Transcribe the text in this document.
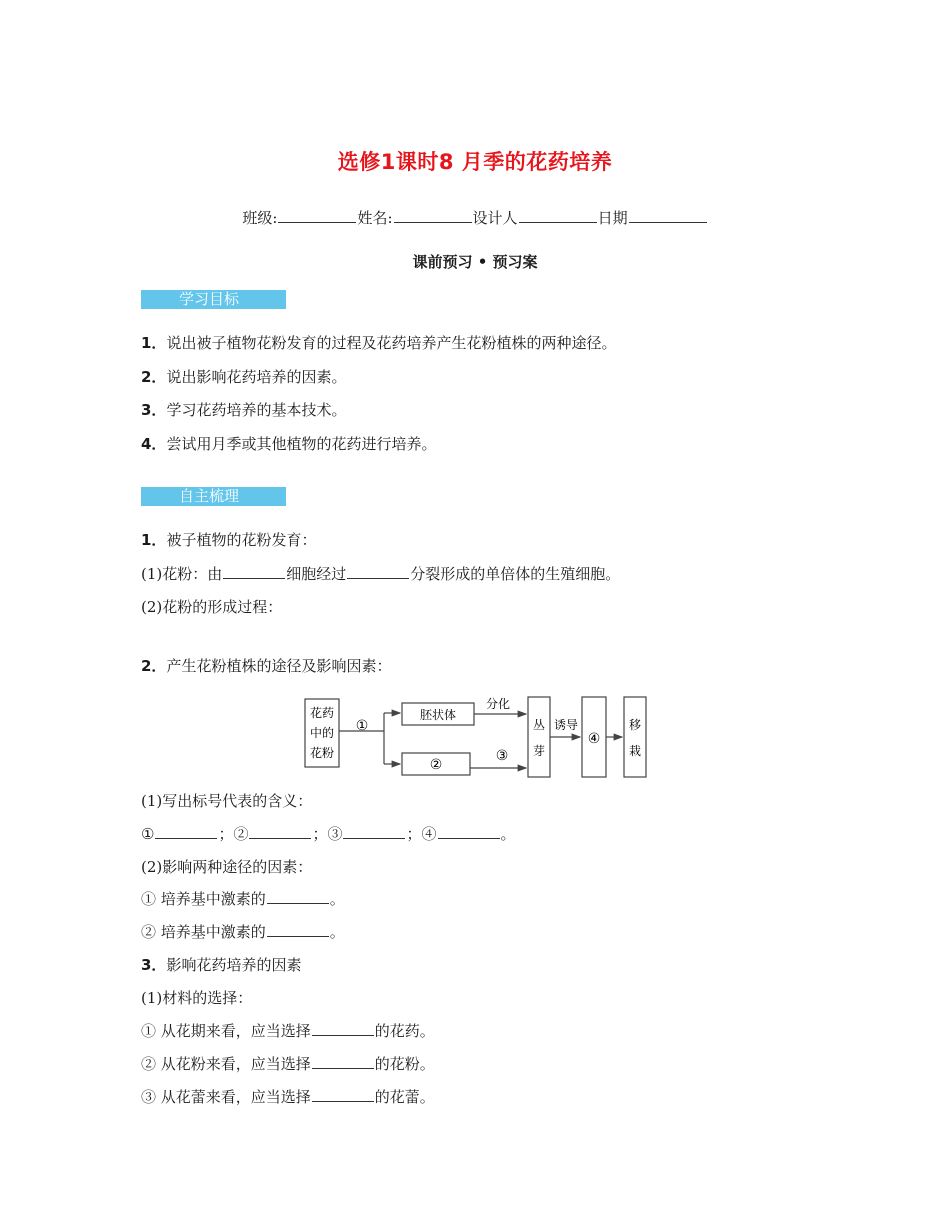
选修1课时8 月季的花药培养
班级:	姓名:	设计人	日期
课前预习 • 预习案
学习目标
1．说出被子植物花粉发育的过程及花药培养产生花粉植株的两种途径。
2．说出影响花药培养的因素。
3．学习花药培养的基本技术。
4．尝试用月季或其他植物的花药进行培养。
自主梳理
1．被子植物的花粉发育：
(1)花粉：由	细胞经过	分裂形成的单倍体的生殖细胞。
(2)花粉的形成过程：
2．产生花粉植株的途径及影响因素：
花药
中的
花粉
①
胚状体
②
分化
③
丛
芽
诱导
④
移
栽
(1)写出标号代表的含义：
①	；②	；③	；④	。
(2)影响两种途径的因素：
① 培养基中激素的	。
② 培养基中激素的	。
3．影响花药培养的因素
(1)材料的选择：
① 从花期来看，应当选择	的花药。
② 从花粉来看，应当选择	的花粉。
③ 从花蕾来看，应当选择	的花蕾。
